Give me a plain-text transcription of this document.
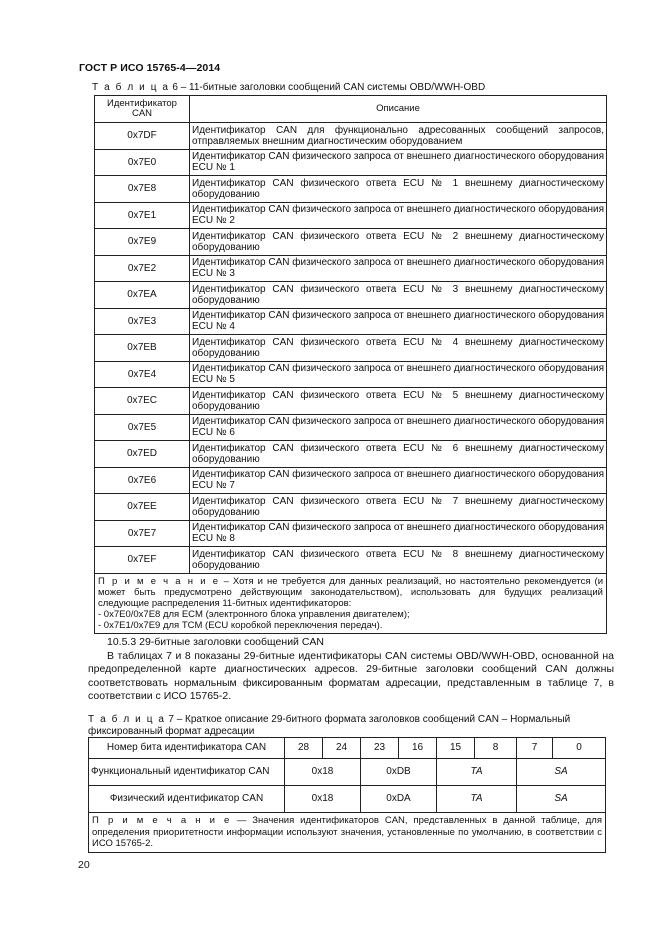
ГОСТ Р ИСО 15765-4—2014
Т а б л и ц а 6 – 11-битные заголовки сообщений CAN системы OBD/WWH-OBD
Идентификатор CAN	Описание
0x7DF	Идентификатор CAN для функционально адресованных сообщений запросов, отправляемых внешним диагностическим оборудованием
0x7E0	Идентификатор CAN физического запроса от внешнего диагностического оборудования ECU № 1
0x7E8	Идентификатор CAN физического ответа ECU № 1 внешнему диагностическому оборудованию
0x7E1	Идентификатор CAN физического запроса от внешнего диагностического оборудования ECU № 2
0x7E9	Идентификатор CAN физического ответа ECU № 2 внешнему диагностическому оборудованию
0x7E2	Идентификатор CAN физического запроса от внешнего диагностического оборудования ECU № 3
0x7EA	Идентификатор CAN физического ответа ECU № 3 внешнему диагностическому оборудованию
0x7E3	Идентификатор CAN физического запроса от внешнего диагностического оборудования ECU № 4
0x7EB	Идентификатор CAN физического ответа ECU № 4 внешнему диагностическому оборудованию
0x7E4	Идентификатор CAN физического запроса от внешнего диагностического оборудования ECU № 5
0x7EC	Идентификатор CAN физического ответа ECU № 5 внешнему диагностическому оборудованию
0x7E5	Идентификатор CAN физического запроса от внешнего диагностического оборудования ECU № 6
0x7ED	Идентификатор CAN физического ответа ECU № 6 внешнему диагностическому оборудованию
0x7E6	Идентификатор CAN физического запроса от внешнего диагностического оборудования ECU № 7
0x7EE	Идентификатор CAN физического ответа ECU № 7 внешнему диагностическому оборудованию
0x7E7	Идентификатор CAN физического запроса от внешнего диагностического оборудования ECU № 8
0x7EF	Идентификатор CAN физического ответа ECU № 8 внешнему диагностическому оборудованию
П р и м е ч а н и е – Хотя и не требуется для данных реализаций, но настоятельно рекомендуется (и может быть предусмотрено действующим законодательством), использовать для будущих реализаций следующие распределения 11-битных идентификаторов:
- 0x7E0/0x7E8 для ECM (электронного блока управления двигателем);
- 0x7E1/0x7E9 для TCM (ECU коробкой переключения передач).	
10.5.3 29-битные заголовки сообщений CAN

В таблицах 7 и 8 показаны 29-битные идентификаторы CAN системы OBD/WWH-OBD, основанной на предопределенной карте диагностических адресов. 29-битные заголовки сообщений CAN должны соответствовать нормальным фиксированным форматам адресации, представленным в таблице 7, в соответствии с ИСО 15765-2.

Т а б л и ц а 7 – Краткое описание 29-битного формата заголовков сообщений CAN – Нормальный фиксированный формат адресации
Номер бита идентификатора CAN	28	24	23	16	15	8	7	0
Функциональный идентификатор CAN	0x18		0xDB		TA		SA	
Физический идентификатор CAN	0x18		0xDA		TA		SA	
П р и м е ч а н и е — Значения идентификаторов CAN, представленных в данной таблице, для определения приоритетности информации используют значения, установленные по умолчанию, в соответствии с ИСО 15765-2.								
20
